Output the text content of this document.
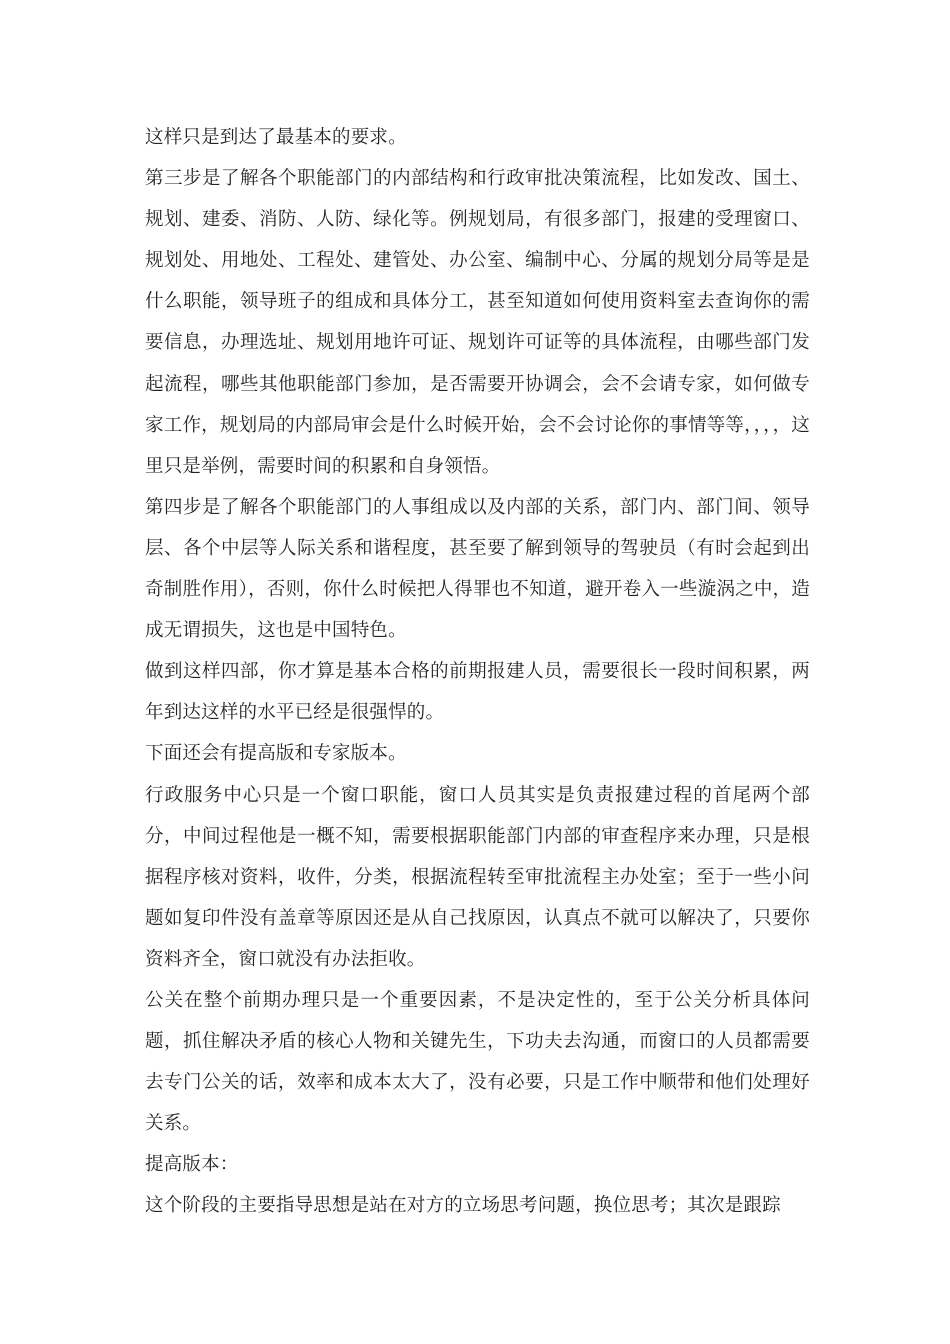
这样只是到达了最基本的要求。

第三步是了解各个职能部门的内部结构和行政审批决策流程，比如发改、国土、规划、建委、消防、人防、绿化等。例规划局，有很多部门，报建的受理窗口、规划处、用地处、工程处、建管处、办公室、编制中心、分属的规划分局等是是什么职能，领导班子的组成和具体分工，甚至知道如何使用资料室去查询你的需要信息，办理选址、规划用地许可证、规划许可证等的具体流程，由哪些部门发起流程，哪些其他职能部门参加，是否需要开协调会，会不会请专家，如何做专家工作，规划局的内部局审会是什么时候开始，会不会讨论你的事情等等，，，，这里只是举例，需要时间的积累和自身领悟。

第四步是了解各个职能部门的人事组成以及内部的关系，部门内、部门间、领导层、各个中层等人际关系和谐程度，甚至要了解到领导的驾驶员（有时会起到出奇制胜作用），否则，你什么时候把人得罪也不知道，避开卷入一些漩涡之中，造成无谓损失，这也是中国特色。

做到这样四部，你才算是基本合格的前期报建人员，需要很长一段时间积累，两年到达这样的水平已经是很强悍的。

下面还会有提高版和专家版本。

行政服务中心只是一个窗口职能，窗口人员其实是负责报建过程的首尾两个部分，中间过程他是一概不知，需要根据职能部门内部的审查程序来办理，只是根据程序核对资料，收件，分类，根据流程转至审批流程主办处室；至于一些小问题如复印件没有盖章等原因还是从自己找原因，认真点不就可以解决了，只要你资料齐全，窗口就没有办法拒收。

公关在整个前期办理只是一个重要因素，不是决定性的，至于公关分析具体问题，抓住解决矛盾的核心人物和关键先生，下功夫去沟通，而窗口的人员都需要去专门公关的话，效率和成本太大了，没有必要，只是工作中顺带和他们处理好关系。

提高版本：

这个阶段的主要指导思想是站在对方的立场思考问题，换位思考；其次是跟踪
